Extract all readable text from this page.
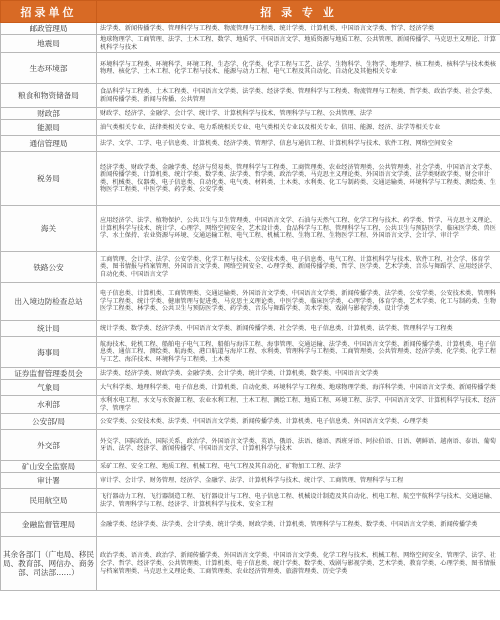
招录单位	招 录 专 业
邮政管理局	法学类、新闻传播学类、管理科学与工程类、物流管理与工程类、统计学类、计算机类、中国语言文学类、哲学、经济学类
地震局	地球物理学、工商管理、法学、土木工程、数学、地质学、中国语言文学、地质资源与地质工程、公共管理、新闻传播学、马克思主义理论、计算机科学与技术
生态环境部	环境科学与工程类、环境科学、环境工程、生态学、化学类、化学工程与工艺、法学、生物科学、生物学、地理学、核工程类、核科学与技术类核物理、核化学、土木工程、化学工程与技术、能源与动力工程、电气工程及其自动化、自动化及其他相关专业
粮食和物资储备局	食品科学与工程类、土木工程类、中国语言文学类、法学类、经济学类、管理科学与工程类、物流管理与工程类、哲学类、政治学类、社会学类、新闻传播学类、新闻与传播、公共管理
财政部	财政学、经济学、金融学、会计学、统计学、计算机科学与技术、管理科学与工程、公共管理、法学
能源局	油气类相关专业、法律类相关专业、电力系统相关专业、电气类相关专业以及相关专业、信用、能源、经济、法学等相关专业
通信管理局	法学、文学、工学、电子信息类、计算机类、经济学类、管理学、信息与通信工程、计算机科学与技术、软件工程、网络空间安全
税务局	经济学类、财政学类、金融学类、经济与贸易类、管理科学与工程类、工商管理类、农业经济管理类、公共管理类、社会学类、中国语言文学类、新闻传播学类、计算机类、统计学类、数学类、法学类、哲学类、政治学类、马克思主义理论类、外国语言文学类、法学类财政学类、财会审计类、机械类、仪器类、电子信息类、自动化类、电气类、材料类、土木类、水利类、化工与制药类、交通运输类、环境科学与工程类、测绘类、生物医学工程类、中医学类、药学类、公安学类
海关	应用经济学、法学、植物保护、公共卫生与卫生管理类、中国语言文学、石油与天然气工程、化学工程与技术、药学类、哲学、马克思主义理论、计算机科学与技术、统计学、心理学、网络空间安全、艺术设计类、食品科学与工程、管理科学与工程、公共卫生与预防医学、临床医学类、兽医学、水土保持、农业资源与环境、交通运输工程、电气工程、机械工程、生物工程、生物医学工程、外国语言文学、会计学、审计学
铁路公安	工商管理、会计学、法学、公安学类、化学工程与技术、公安技术类、电子信息类、电气工程、计算机科学与技术、软件工程、社会学、体育学类、图书情报与档案管理、外国语言文学类、网络空间安全、心理学类、新闻传播学类、哲学、医学类、艺术学类、音乐与舞蹈学、应用经济学、自动化类、中国语言文学
出入境边防检查总站	电子信息类、计算机类、工商管理类、交通运输类、外国语言文学类、中国语言文学类、新闻传播学类、法学类、公安学类、公安技术类、管理科学与工程类、统计学类、健康管理与促进类、马克思主义理论类、中医学类、临床医学类、心理学类、体育学类、艺术学类、化工与制药类、生物医学工程类、林学类、公共卫生与预防医学类、药学类、音乐与舞蹈学类、美术学类、戏剧与影视学类、设计学类
统计局	统计学类、数学类、经济学类、中国语言文学类、新闻传播学类、社会学类、电子信息类、计算机类、法学类、管理科学与工程类
海事局	航海技术、轮机工程、船舶电子电气工程、船舶与海洋工程、海事管理、交通运输、法学类、中国语言文学类、新闻传播学类、计算机类、电子信息类、通信工程、测绘类、航海类、港口航道与海岸工程、水利类、管理科学与工程类、工商管理类、公共管理类、经济学类、化学类、化学工程与工艺、海洋技术、环境科学与工程类、土木类
证券监督管理委员会	法学类、经济学类、财政学类、金融学类、会计学类、统计学类、计算机类、数学类、中国语言文学类
气象局	大气科学类、地理科学类、电子信息类、计算机类、自动化类、环境科学与工程类、地球物理学类、海洋科学类、中国语言文学类、新闻传播学类
水利部	水利水电工程、水文与水资源工程、农业水利工程、土木工程、测绘工程、地质工程、环境工程、法学、中国语言文学、计算机科学与技术、经济学、管理学
公安部/局	公安学类、公安技术类、法学类、中国语言文学类、新闻传播学类、计算机类、电子信息类、外国语言文学类、心理学类
外交部	外交学、国际政治、国际关系、政治学、外国语言文学类、英语、俄语、法语、德语、西班牙语、阿拉伯语、日语、朝鲜语、越南语、泰语、葡萄牙语、法学、经济学、新闻传播学、中国语言文学、计算机科学与技术
矿山安全监察局	采矿工程、安全工程、地质工程、机械工程、电气工程及其自动化、矿物加工工程、法学
审计署	审计学、会计学、财务管理、经济学、金融学、法学、计算机科学与技术、统计学、工商管理、管理科学与工程
民用航空局	飞行器动力工程、飞行器制造工程、飞行器设计与工程、电子信息工程、机械设计制造及其自动化、机电工程、航空宇航科学与技术、交通运输、法学、管理科学与工程、经济学、计算机科学与技术、安全工程
金融监督管理局	金融学类、经济学类、法学类、会计学类、统计学类、财政学类、计算机类、管理科学与工程类、数学类、中国语言文学类、新闻传播学类
其余各部门（广电局、移民局、教育部、网信办、商务部、司法部……）	政治学类、语言类、政治学、新闻传播学类、外国语言文学类、中国语言文学类、化学工程与技术、机械工程、网络空间安全、管理学、法学、社会学、哲学、经济学类、公共管理类、计算机类、电子信息类、统计学类、数学类、戏剧与影视学类、艺术学类、教育学类、心理学类、图书情报与档案管理类、马克思主义理论类、工商管理类、农业经济管理类、旅游管理类、历史学类
